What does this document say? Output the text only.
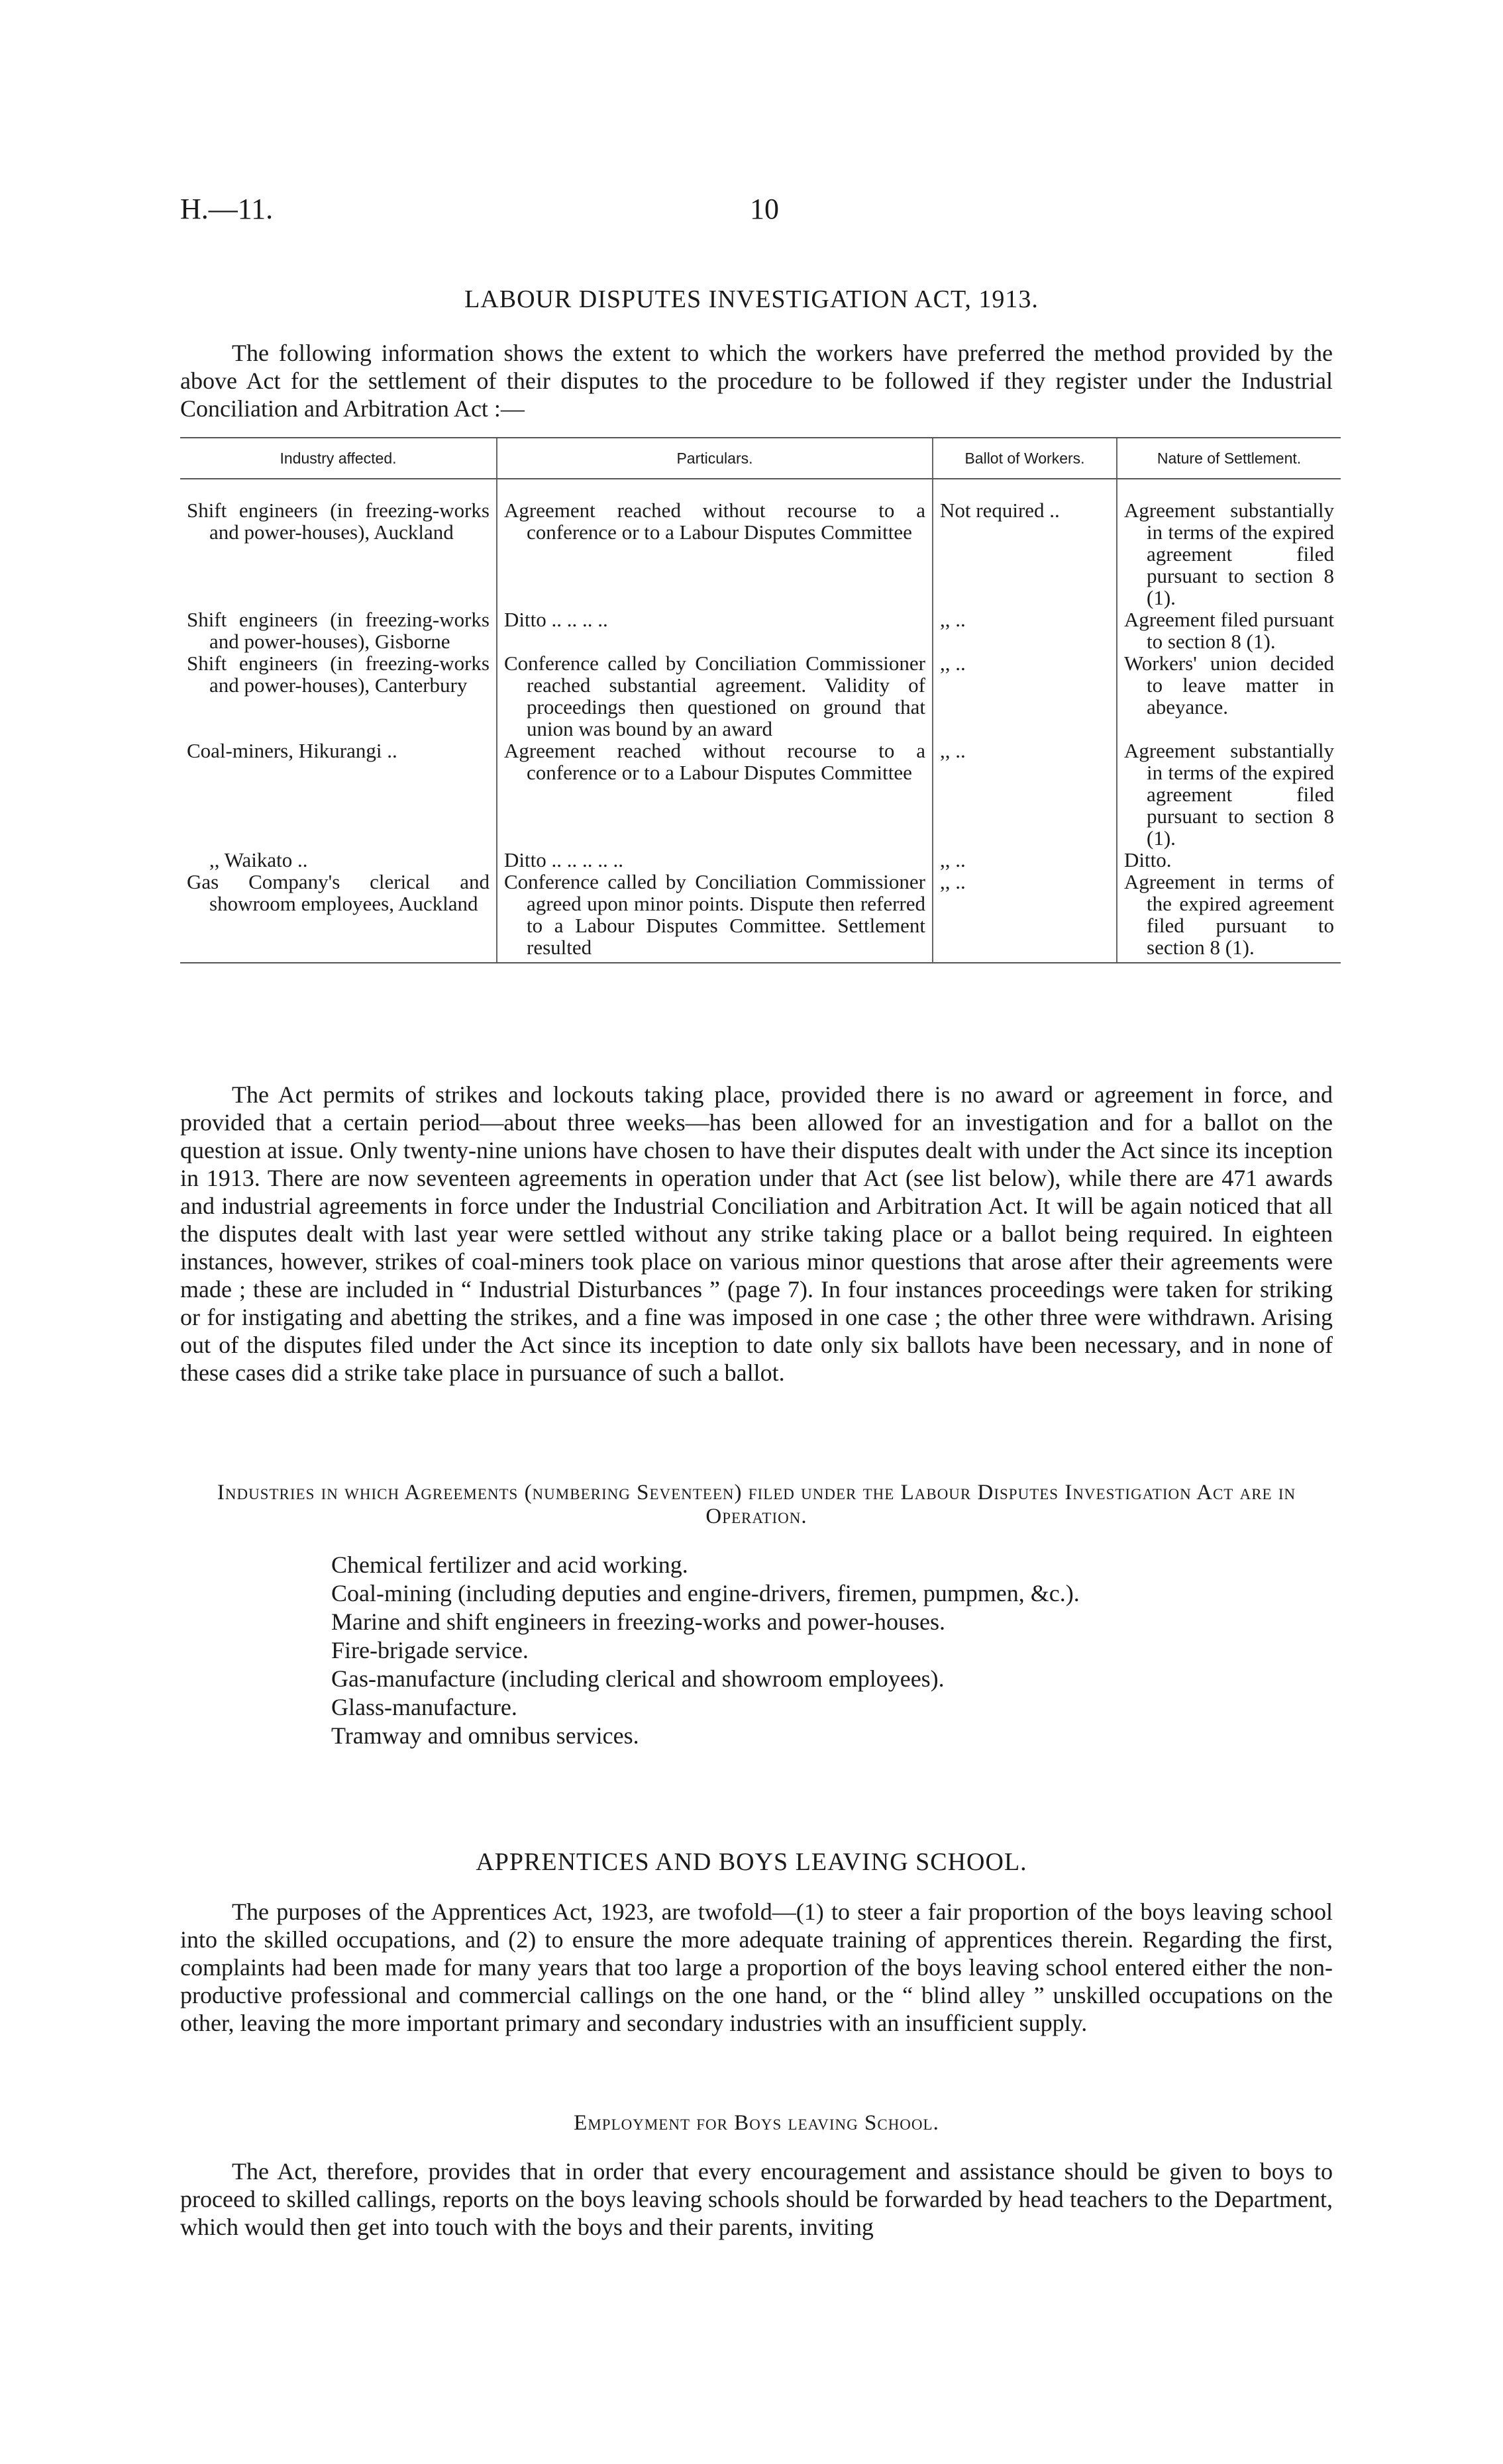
H.—11.	10
LABOUR DISPUTES INVESTIGATION ACT, 1913.

The following information shows the extent to which the workers have preferred the method provided by the above Act for the settlement of their disputes to the procedure to be followed if they register under the Industrial Conciliation and Arbitration Act :—

Industry affected.	Particulars.	Ballot of Workers.	Nature of Settlement.

Shift engineers (in freezing-works and power-houses), Auckland	Agreement reached without recourse to a conference or to a Labour Disputes Committee	Not required ..	Agreement substantially in terms of the expired agreement filed pursuant to section 8 (1).

Shift engineers (in freezing-works and power-houses), Gisborne	Ditto .. .. .. ..	,, ..	Agreement filed pursuant to section 8 (1).

Shift engineers (in freezing-works and power-houses), Canterbury	Conference called by Conciliation Commissioner reached substantial agreement. Validity of proceedings then questioned on ground that union was bound by an award	,, ..	Workers' union decided to leave matter in abeyance.

Coal-miners, Hikurangi ..	Agreement reached without recourse to a conference or to a Labour Disputes Committee	,, ..	Agreement substantially in terms of the expired agreement filed pursuant to section 8 (1).

,, Waikato ..	Ditto .. .. .. .. ..	,, ..	Ditto.

Gas Company's clerical and showroom employees, Auckland	Conference called by Conciliation Commissioner agreed upon minor points. Dispute then referred to a Labour Disputes Committee. Settlement resulted	,, ..	Agreement in terms of the expired agreement filed pursuant to section 8 (1).

The Act permits of strikes and lockouts taking place, provided there is no award or agreement in force, and provided that a certain period—about three weeks—has been allowed for an investigation and for a ballot on the question at issue. Only twenty-nine unions have chosen to have their disputes dealt with under the Act since its inception in 1913. There are now seventeen agreements in operation under that Act (see list below), while there are 471 awards and industrial agreements in force under the Industrial Conciliation and Arbitration Act. It will be again noticed that all the disputes dealt with last year were settled without any strike taking place or a ballot being required. In eighteen instances, however, strikes of coal-miners took place on various minor questions that arose after their agreements were made ; these are included in “ Industrial Disturbances ” (page 7). In four instances proceedings were taken for striking or for instigating and abetting the strikes, and a fine was imposed in one case ; the other three were withdrawn. Arising out of the disputes filed under the Act since its inception to date only six ballots have been necessary, and in none of these cases did a strike take place in pursuance of such a ballot.

Industries in which Agreements (numbering Seventeen) filed under the Labour Disputes Investigation Act are in Operation.
Chemical fertilizer and acid working.
Coal-mining (including deputies and engine-drivers, firemen, pumpmen, &c.).
Marine and shift engineers in freezing-works and power-houses.
Fire-brigade service.
Gas-manufacture (including clerical and showroom employees).
Glass-manufacture.
Tramway and omnibus services.
APPRENTICES AND BOYS LEAVING SCHOOL.

The purposes of the Apprentices Act, 1923, are twofold—(1) to steer a fair proportion of the boys leaving school into the skilled occupations, and (2) to ensure the more adequate training of apprentices therein. Regarding the first, complaints had been made for many years that too large a proportion of the boys leaving school entered either the non-productive professional and commercial callings on the one hand, or the “ blind alley ” unskilled occupations on the other, leaving the more important primary and secondary industries with an insufficient supply.

Employment for Boys leaving School.

The Act, therefore, provides that in order that every encouragement and assistance should be given to boys to proceed to skilled callings, reports on the boys leaving schools should be forwarded by head teachers to the Department, which would then get into touch with the boys and their parents, inviting
